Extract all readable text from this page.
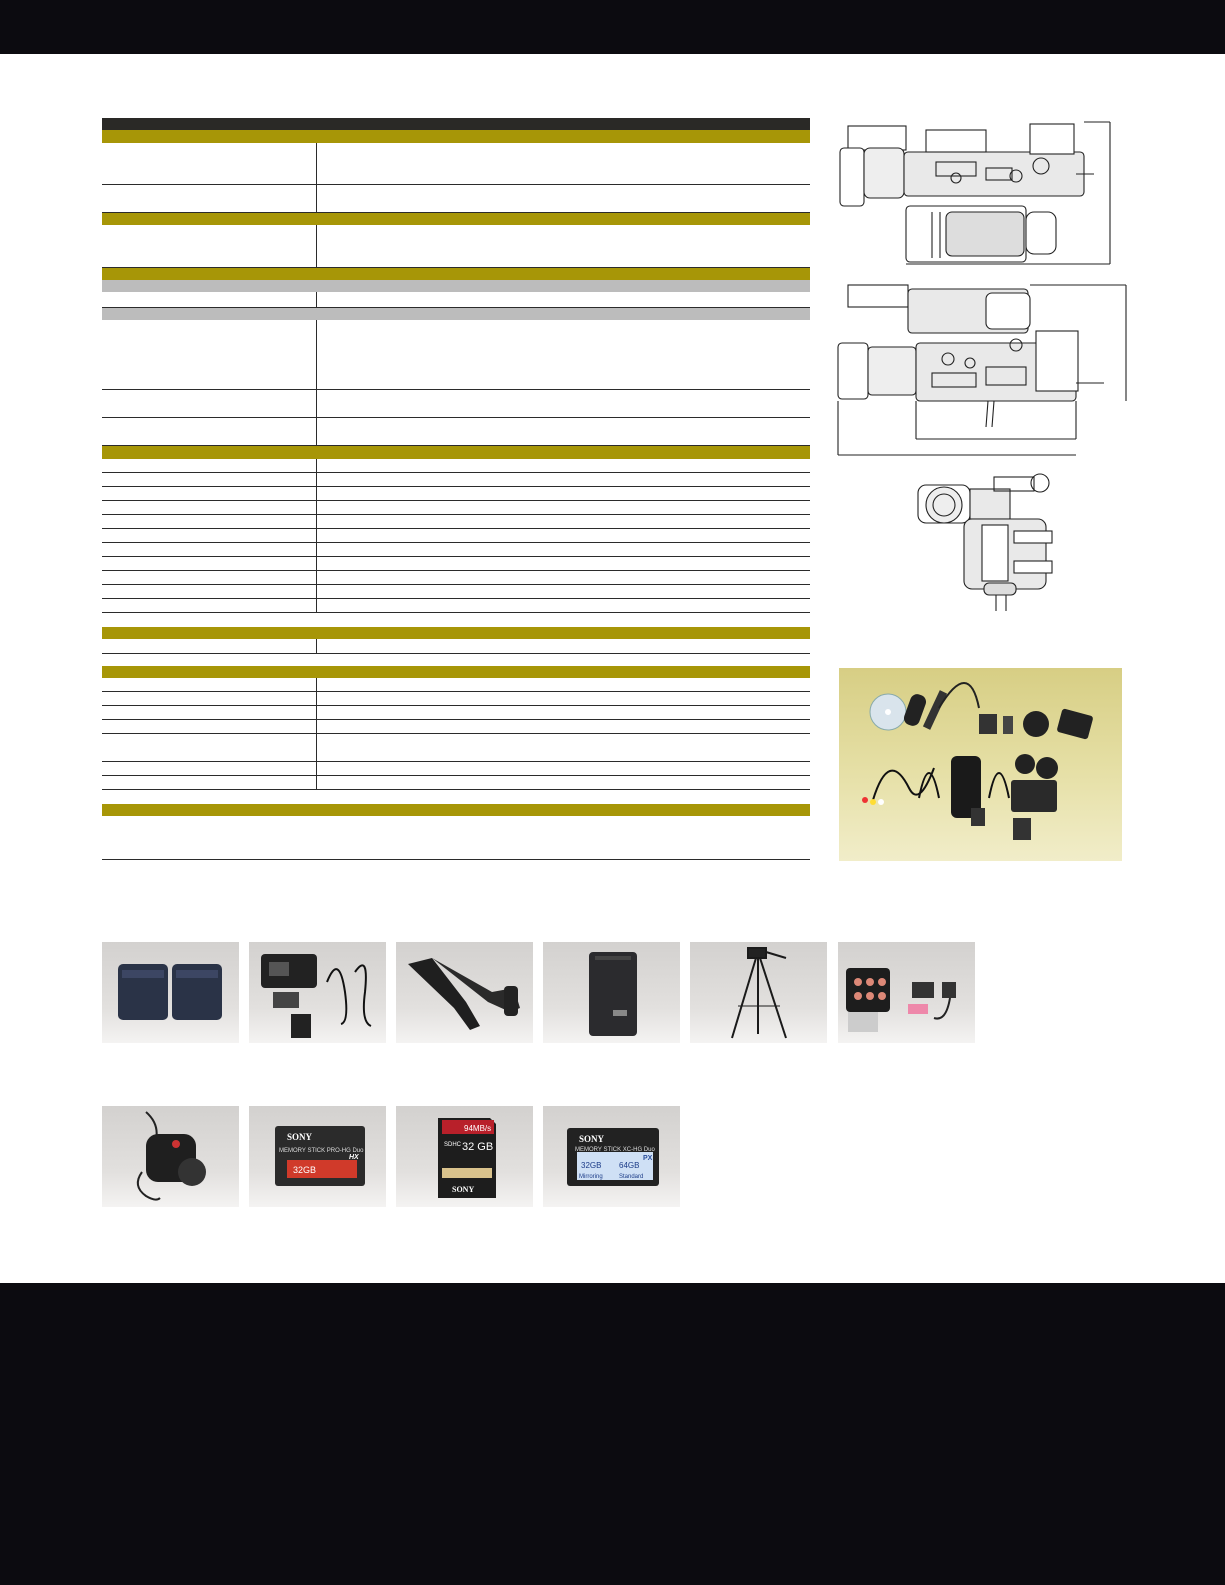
SONY
MEMORY STICK PRO-HG Duo
HX
32GB
94MB/s
SDHC 32 GB
SONY
SONY
MEMORY STICK XC-HG Duo
PX
32GB 64GB
Mirroring	Standard
